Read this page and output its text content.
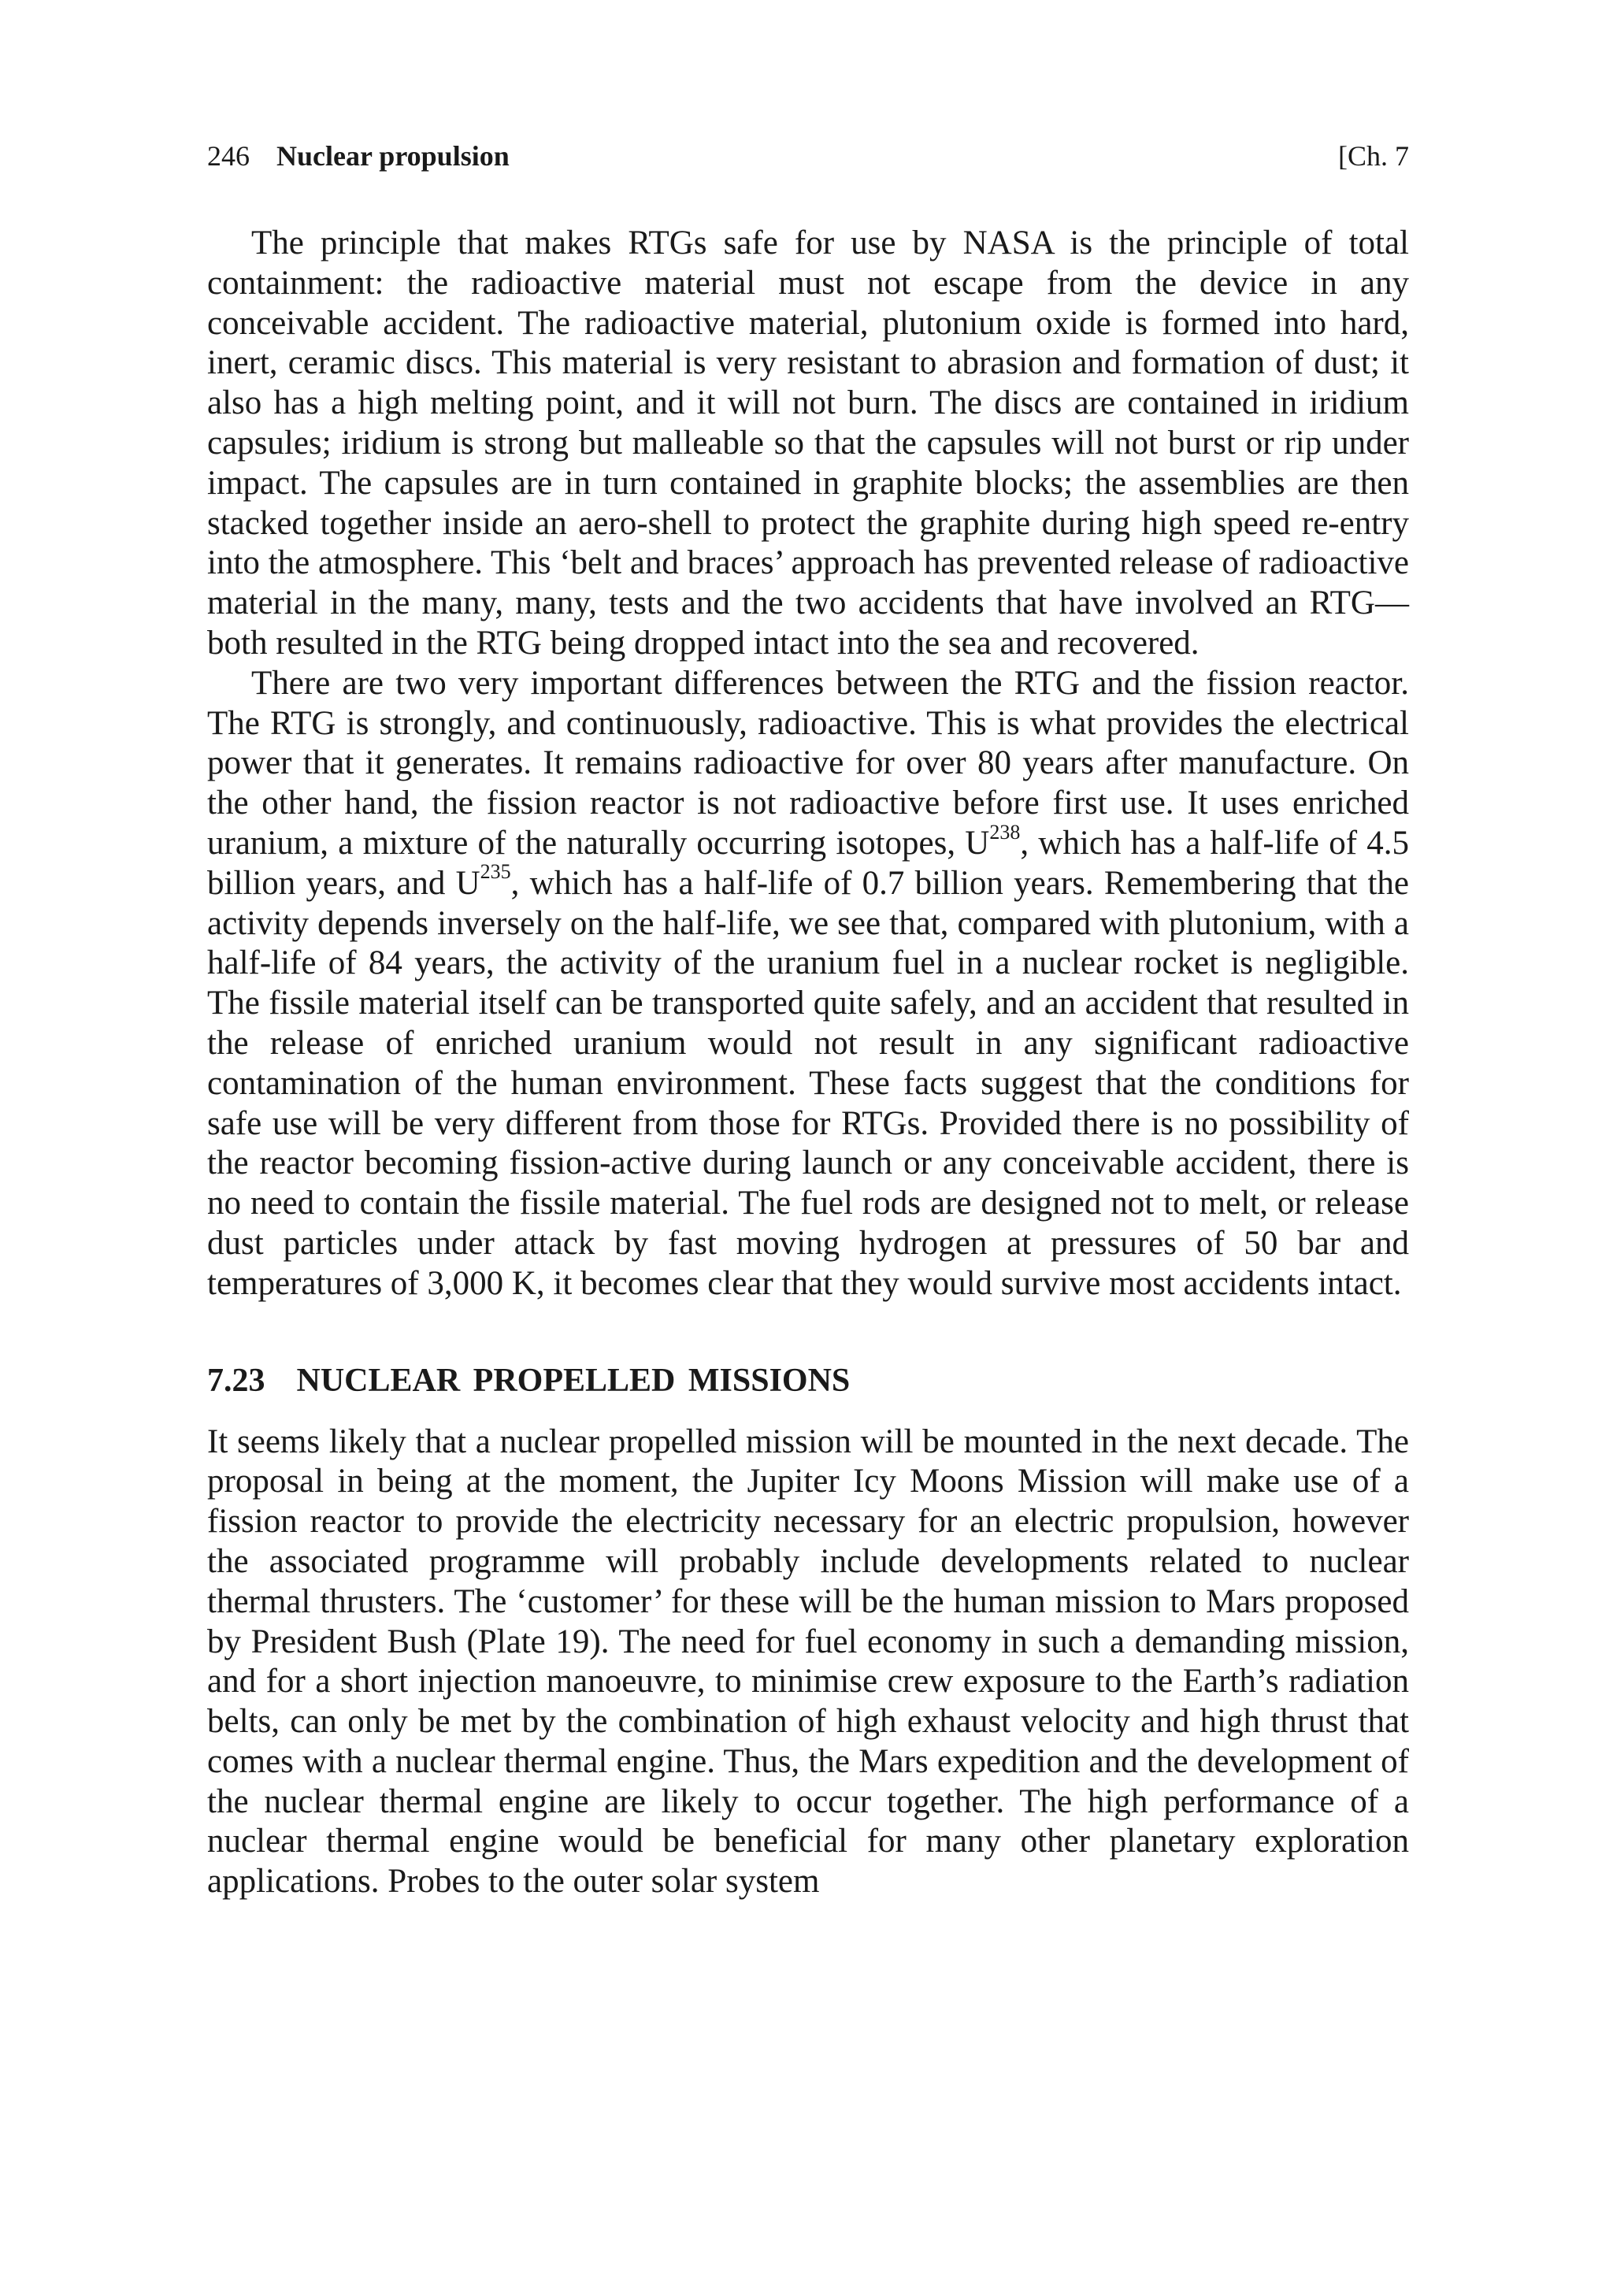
246 Nuclear propulsion	[Ch. 7

The principle that makes RTGs safe for use by NASA is the principle of total containment: the radioactive material must not escape from the device in any conceivable accident. The radioactive material, plutonium oxide is formed into hard, inert, ceramic discs. This material is very resistant to abrasion and formation of dust; it also has a high melting point, and it will not burn. The discs are contained in iridium capsules; iridium is strong but malleable so that the capsules will not burst or rip under impact. The capsules are in turn contained in graphite blocks; the assemblies are then stacked together inside an aero-shell to protect the graphite during high speed re-entry into the atmosphere. This ‘belt and braces’ approach has prevented release of radioactive material in the many, many, tests and the two accidents that have involved an RTG—both resulted in the RTG being dropped intact into the sea and recovered.

There are two very important differences between the RTG and the fission reactor. The RTG is strongly, and continuously, radioactive. This is what provides the electrical power that it generates. It remains radioactive for over 80 years after manufacture. On the other hand, the fission reactor is not radioactive before first use. It uses enriched uranium, a mixture of the naturally occurring isotopes, $U^{238}$, which has a half-life of 4.5 billion years, and $U^{235}$, which has a half-life of 0.7 billion years. Remembering that the activity depends inversely on the half-life, we see that, compared with plutonium, with a half-life of 84 years, the activity of the uranium fuel in a nuclear rocket is negligible. The fissile material itself can be transported quite safely, and an accident that resulted in the release of enriched uranium would not result in any significant radioactive contamination of the human environment. These facts suggest that the conditions for safe use will be very different from those for RTGs. Provided there is no possibility of the reactor becoming fission-active during launch or any conceivable accident, there is no need to contain the fissile material. The fuel rods are designed not to melt, or release dust particles under attack by fast moving hydrogen at pressures of 50 bar and temperatures of 3,000 K, it becomes clear that they would survive most accidents intact.

7.23 NUCLEAR PROPELLED MISSIONS

It seems likely that a nuclear propelled mission will be mounted in the next decade. The proposal in being at the moment, the Jupiter Icy Moons Mission will make use of a fission reactor to provide the electricity necessary for an electric propulsion, however the associated programme will probably include developments related to nuclear thermal thrusters. The ‘customer’ for these will be the human mission to Mars proposed by President Bush (Plate 19). The need for fuel economy in such a demanding mission, and for a short injection manoeuvre, to minimise crew exposure to the Earth’s radiation belts, can only be met by the combination of high exhaust velocity and high thrust that comes with a nuclear thermal engine. Thus, the Mars expedition and the development of the nuclear thermal engine are likely to occur together. The high performance of a nuclear thermal engine would be beneficial for many other planetary exploration applications. Probes to the outer solar system
